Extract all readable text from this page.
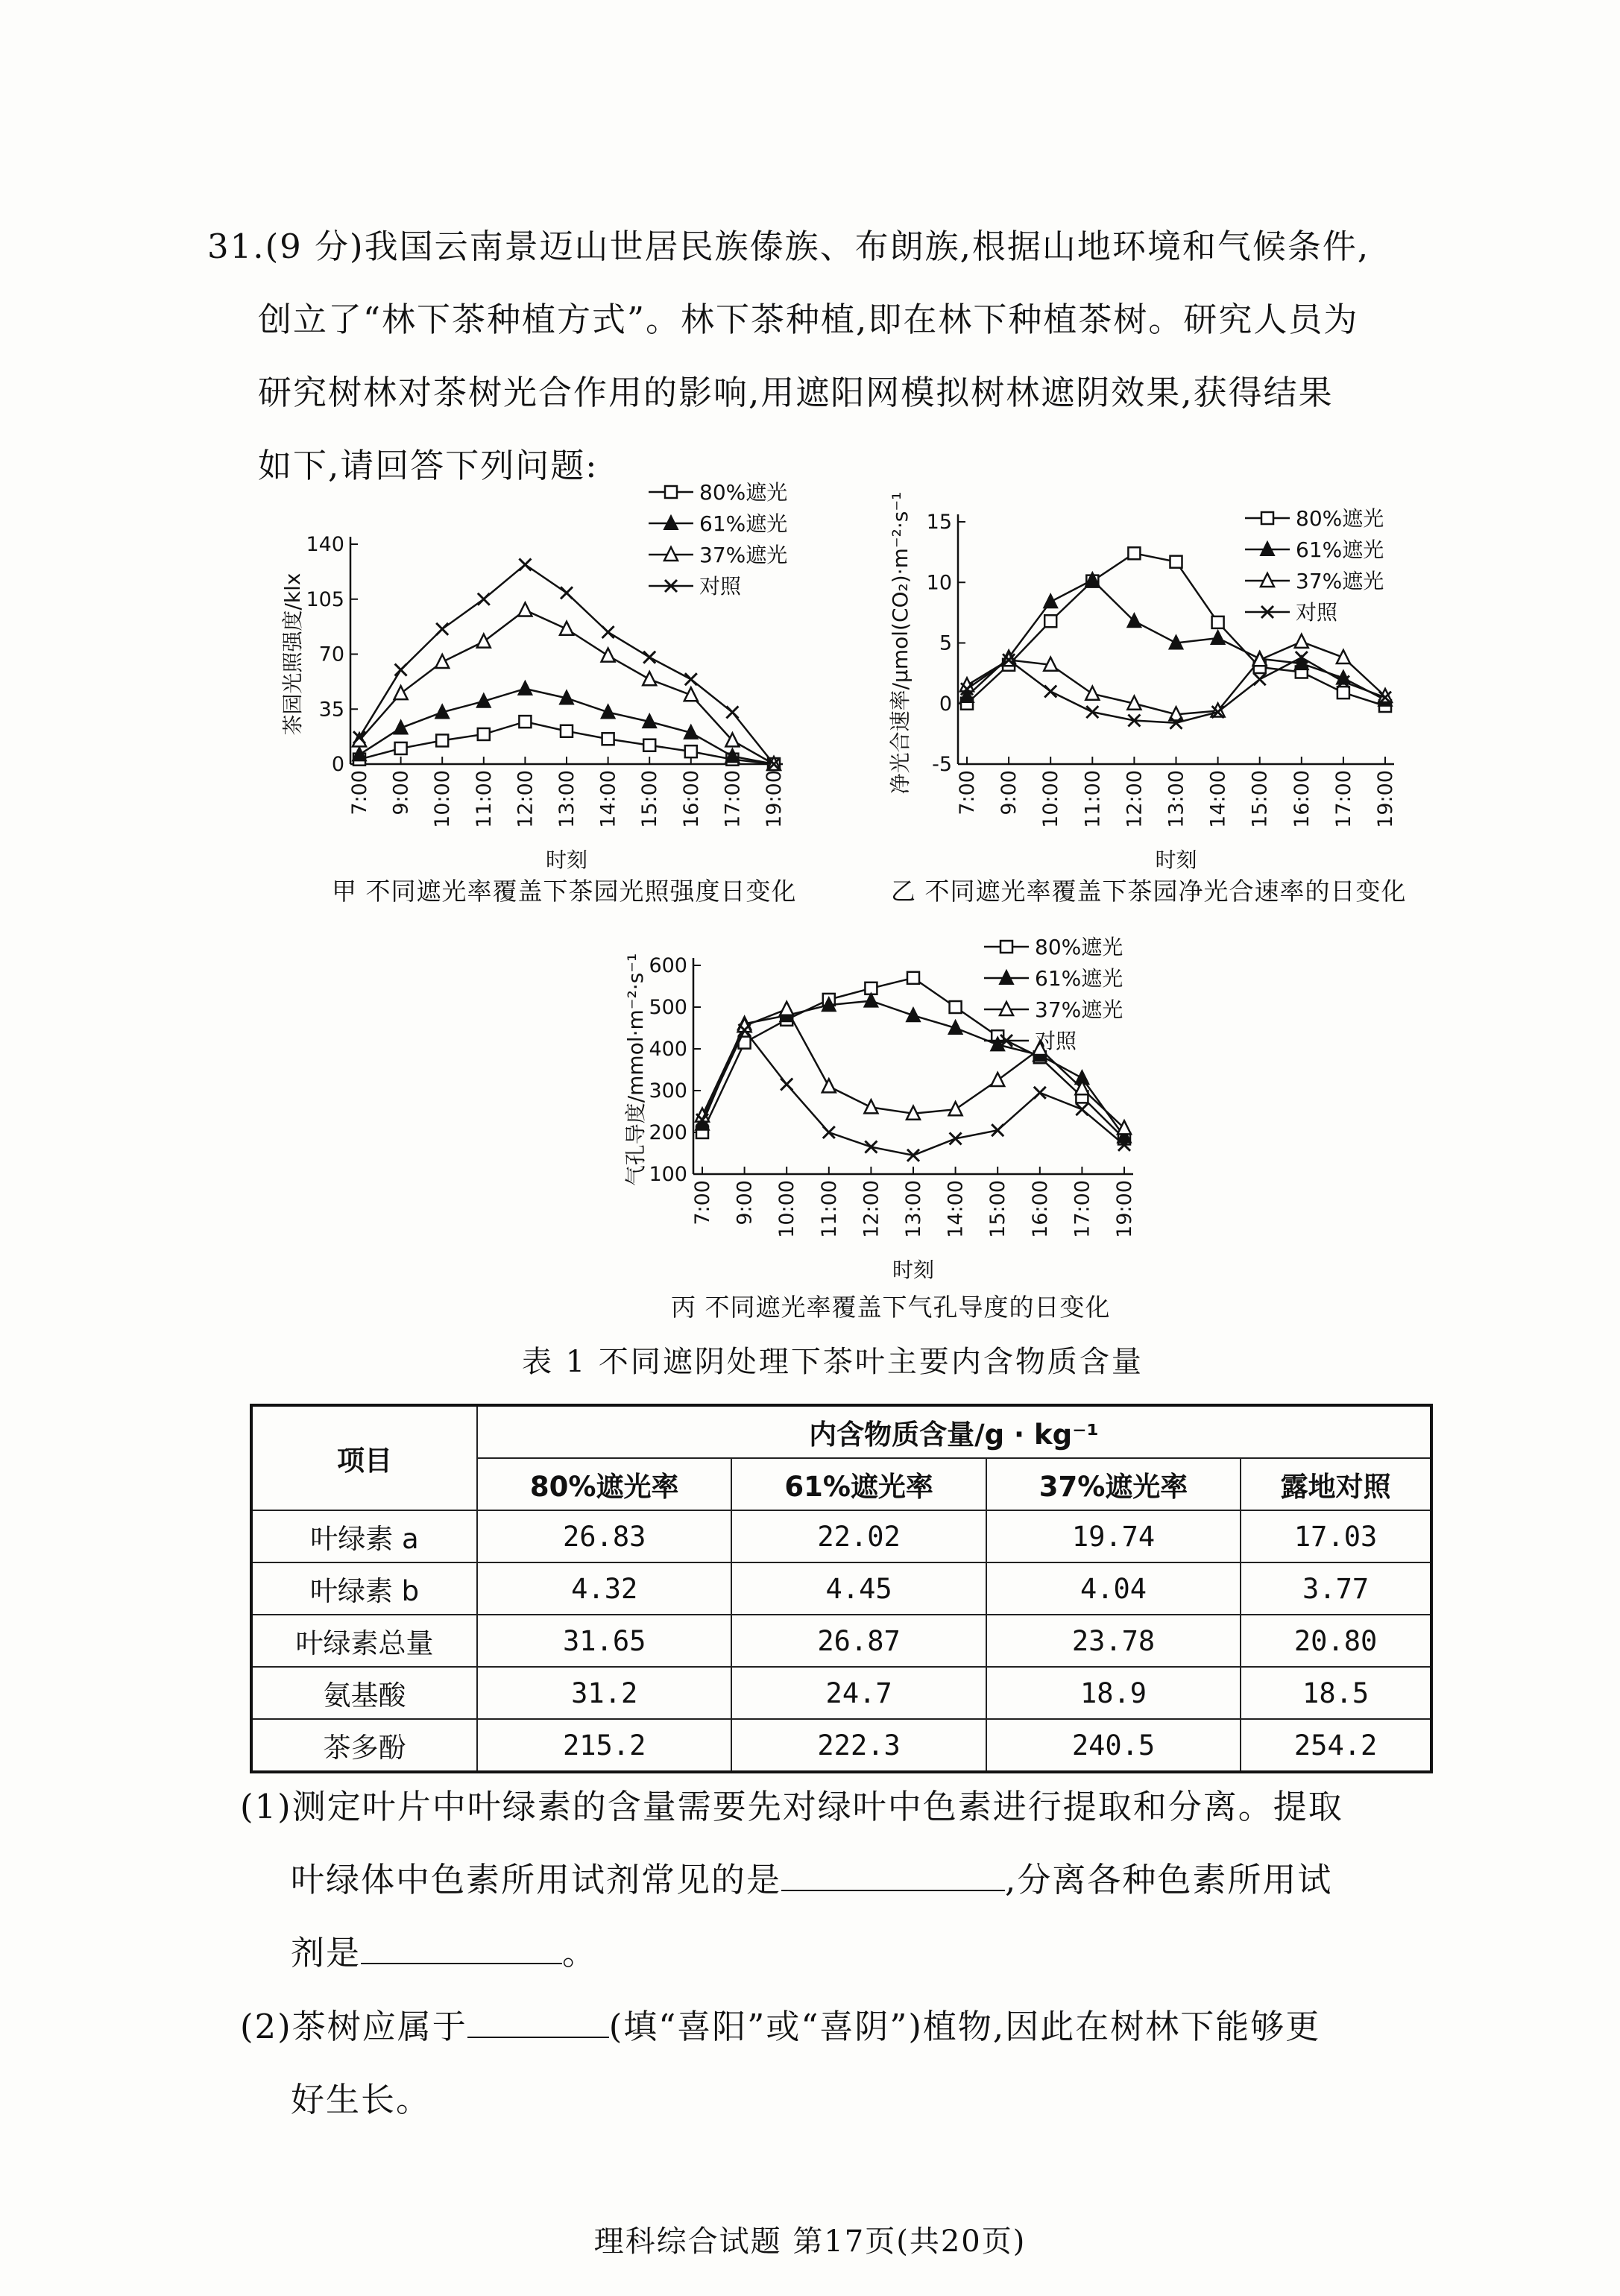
31.(9 分)我国云南景迈山世居民族傣族、布朗族,根据山地环境和气候条件,
创立了“林下茶种植方式”。林下茶种植,即在林下种植茶树。研究人员为
研究树林对茶树光合作用的影响,用遮阳网模拟树林遮阴效果,获得结果
如下,请回答下列问题:
0
35
70
105
140
7:00 9:00 10:00 11:00 12:00 13:00 14:00 15:00 16:00 17:00 19:00
时刻
茶园光照强度/klx
80%遮光
61%遮光
37%遮光
对照
甲 不同遮光率覆盖下茶园光照强度日变化
-5
0
5
10
15
7:00 9:00 10:00 11:00 12:00 13:00 14:00 15:00 16:00 17:00 19:00
时刻
净光合速率/μmol(CO₂)·m⁻²·s⁻¹	80%遮光
61%遮光
37%遮光
对照
乙 不同遮光率覆盖下茶园净光合速率的日变化
100
200
300
400
500
600
7:00 9:00 10:00 11:00 12:00 13:00 14:00 15:00 16:00 17:00 19:00
时刻
气孔导度/mmol·m⁻²·s⁻¹
80%遮光
61%遮光
37%遮光
对照
丙 不同遮光率覆盖下气孔导度的日变化
表 1 不同遮阴处理下茶叶主要内含物质含量
项目	内含物质含量/g · kg⁻¹			
	80%遮光率	61%遮光率	37%遮光率	露地对照
叶绿素 a	26.83	22.02	19.74	17.03
叶绿素 b	4.32	4.45	4.04	3.77
叶绿素总量	31.65	26.87	23.78	20.80
氨基酸	31.2	24.7	18.9	18.5
茶多酚	215.2	222.3	240.5	254.2
(1)测定叶片中叶绿素的含量需要先对绿叶中色素进行提取和分离。提取
叶绿体中色素所用试剂常见的是	,分离各种色素所用试
剂是	。
(2)茶树应属于	(填“喜阳”或“喜阴”)植物,因此在树林下能够更
好生长。
理科综合试题 第17页(共20页)
